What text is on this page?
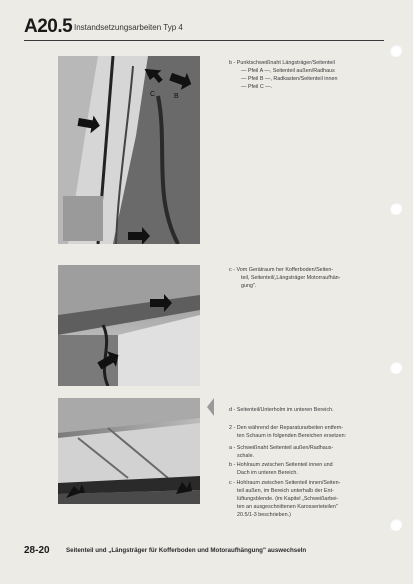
A20.5 Instandsetzungsarbeiten Typ 4
C	B
b - Punktschweißnaht Längsträger/Seitenteil
— Pfeil A —, Seitenteil außen/Radhaus
— Pfeil B —, Radkasten/Seitenteil innen
— Pfeil C —.
c - Vom Gerätraum her Kofferboden/Seiten-
teil, Seitenteil/„Längsträger Motorraufhän-
gung".
d - Seitenteil/Unterholm im unteren Bereich.
2 - Den während der Reparaturarbeiten entfern-
ten Schaum in folgenden Bereichen ersetzen:
a - Schweißnaht Seitenteil außen/Radhaus-
schale.
b - Hohlraum zwischen Seitenteil innen und
Dach im unteren Bereich.
c - Hohlraum zwischen Seitenteil innen/Seiten-
teil außen, im Bereich unterhalb der Ent-
lüftungsblende. (im Kapitel „Schweißarbei-
ten an ausgeschnittenen Karosserieteilen"
20.5/1-3 beschrieben.)
28-20	Seitenteil und „Längsträger für Kofferboden und Motoraufhängung" auswechseln
